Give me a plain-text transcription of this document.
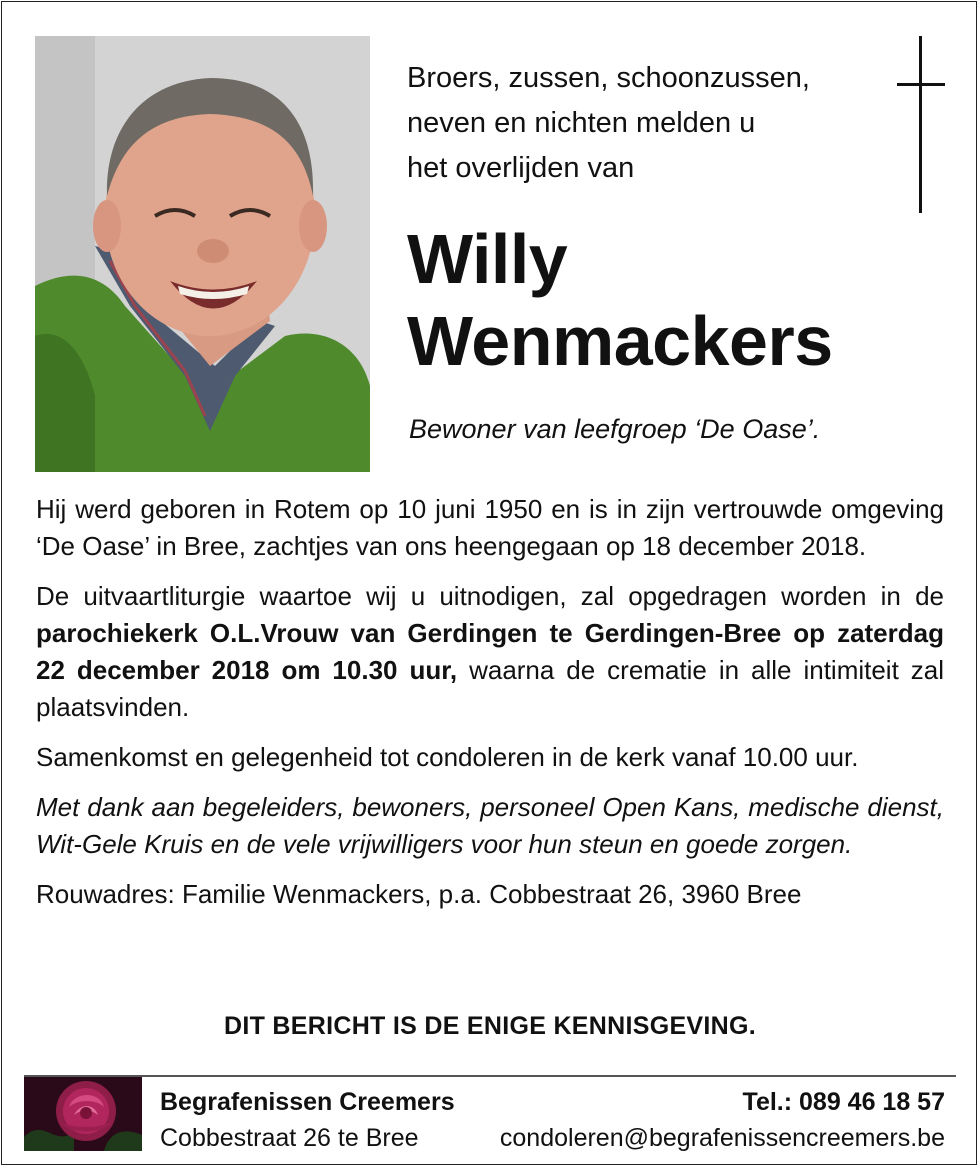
Broers, zussen, schoonzussen,
neven en nichten melden u
het overlijden van
Willy
Wenmackers
Bewoner van leefgroep ‘De Oase’.

Hij werd geboren in Rotem op 10 juni 1950 en is in zijn vertrouwde omgeving ‘De Oase’ in Bree, zachtjes van ons heengegaan op 18 december 2018.

De uitvaartliturgie waartoe wij u uitnodigen, zal opgedragen worden in de parochiekerk O.L.Vrouw van Gerdingen te Gerdingen-Bree op zaterdag 22 december 2018 om 10.30 uur, waarna de crematie in alle intimiteit zal plaatsvinden.

Samenkomst en gelegenheid tot condoleren in de kerk vanaf 10.00 uur.

Met dank aan begeleiders, bewoners, personeel Open Kans, medische dienst, Wit-Gele Kruis en de vele vrijwilligers voor hun steun en goede zorgen.

Rouwadres: Familie Wenmackers, p.a. Cobbestraat 26, 3960 Bree

DIT BERICHT IS DE ENIGE KENNISGEVING.
Begrafenissen Creemers
Cobbestraat 26 te Bree
Tel.: 089 46 18 57
condoleren@begrafenissencreemers.be
